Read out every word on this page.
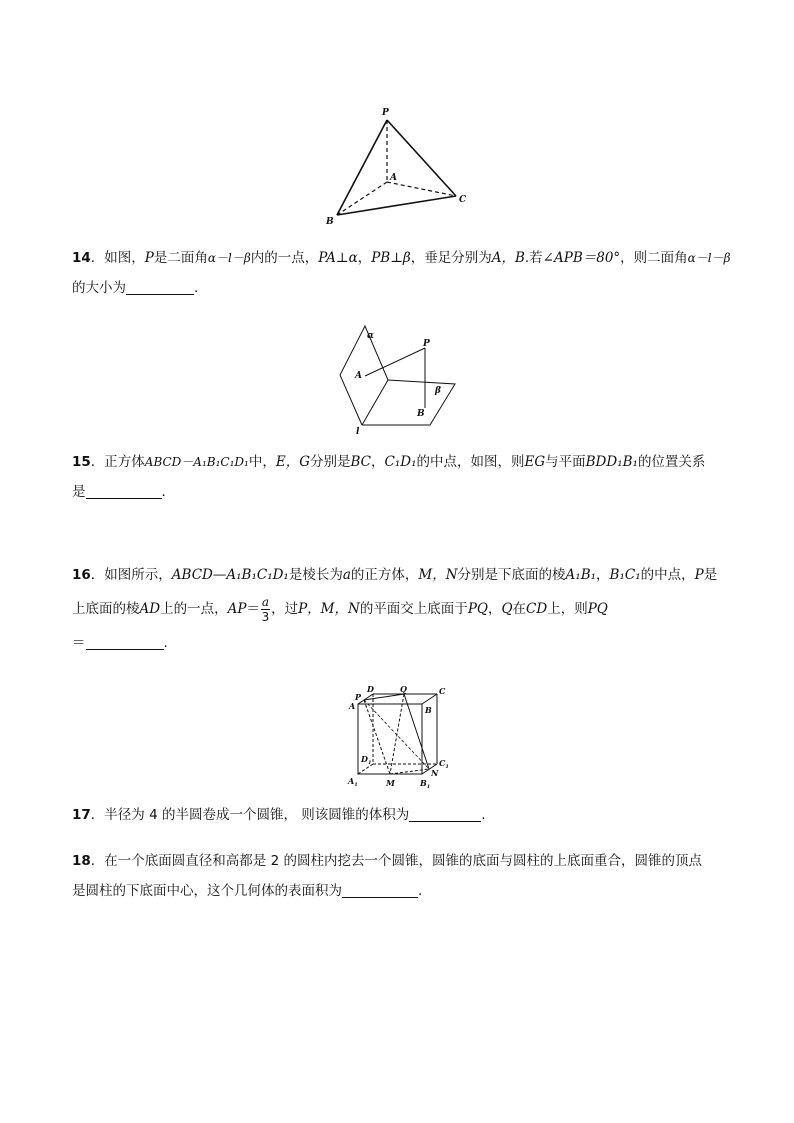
P
A
B
C
14．如图，P是二面角α－l－β内的一点，PA⊥α，PB⊥β，垂足分别为A，B.若∠APB＝80°，则二面角α－l－β
的大小为	.
α
P
A
β
B
l
15．正方体ABCD－A₁B₁C₁D₁中，E，G分别是BC，C₁D₁的中点，如图，则EG与平面BDD₁B₁的位置关系
是	．
16．如图所示，ABCD—A₁B₁C₁D₁是棱长为a的正方体，M，N分别是下底面的棱A₁B₁，B₁C₁的中点，P是
上底面的棱AD上的一点，$AP= \frac{a}{3}$ ，过P，M，N的平面交上底面于PQ，Q在CD上，则PQ
＝	.
D	Q	C
P
A	B
$D_1$	$C_1$
N
$A_1$	M	$B_1$
17．半径为 4 的半圆卷成一个圆锥， 则该圆锥的体积为	.
18．在一个底面圆直径和高都是 2 的圆柱内挖去一个圆锥，圆锥的底面与圆柱的上底面重合，圆锥的顶点
是圆柱的下底面中心，这个几何体的表面积为	.
